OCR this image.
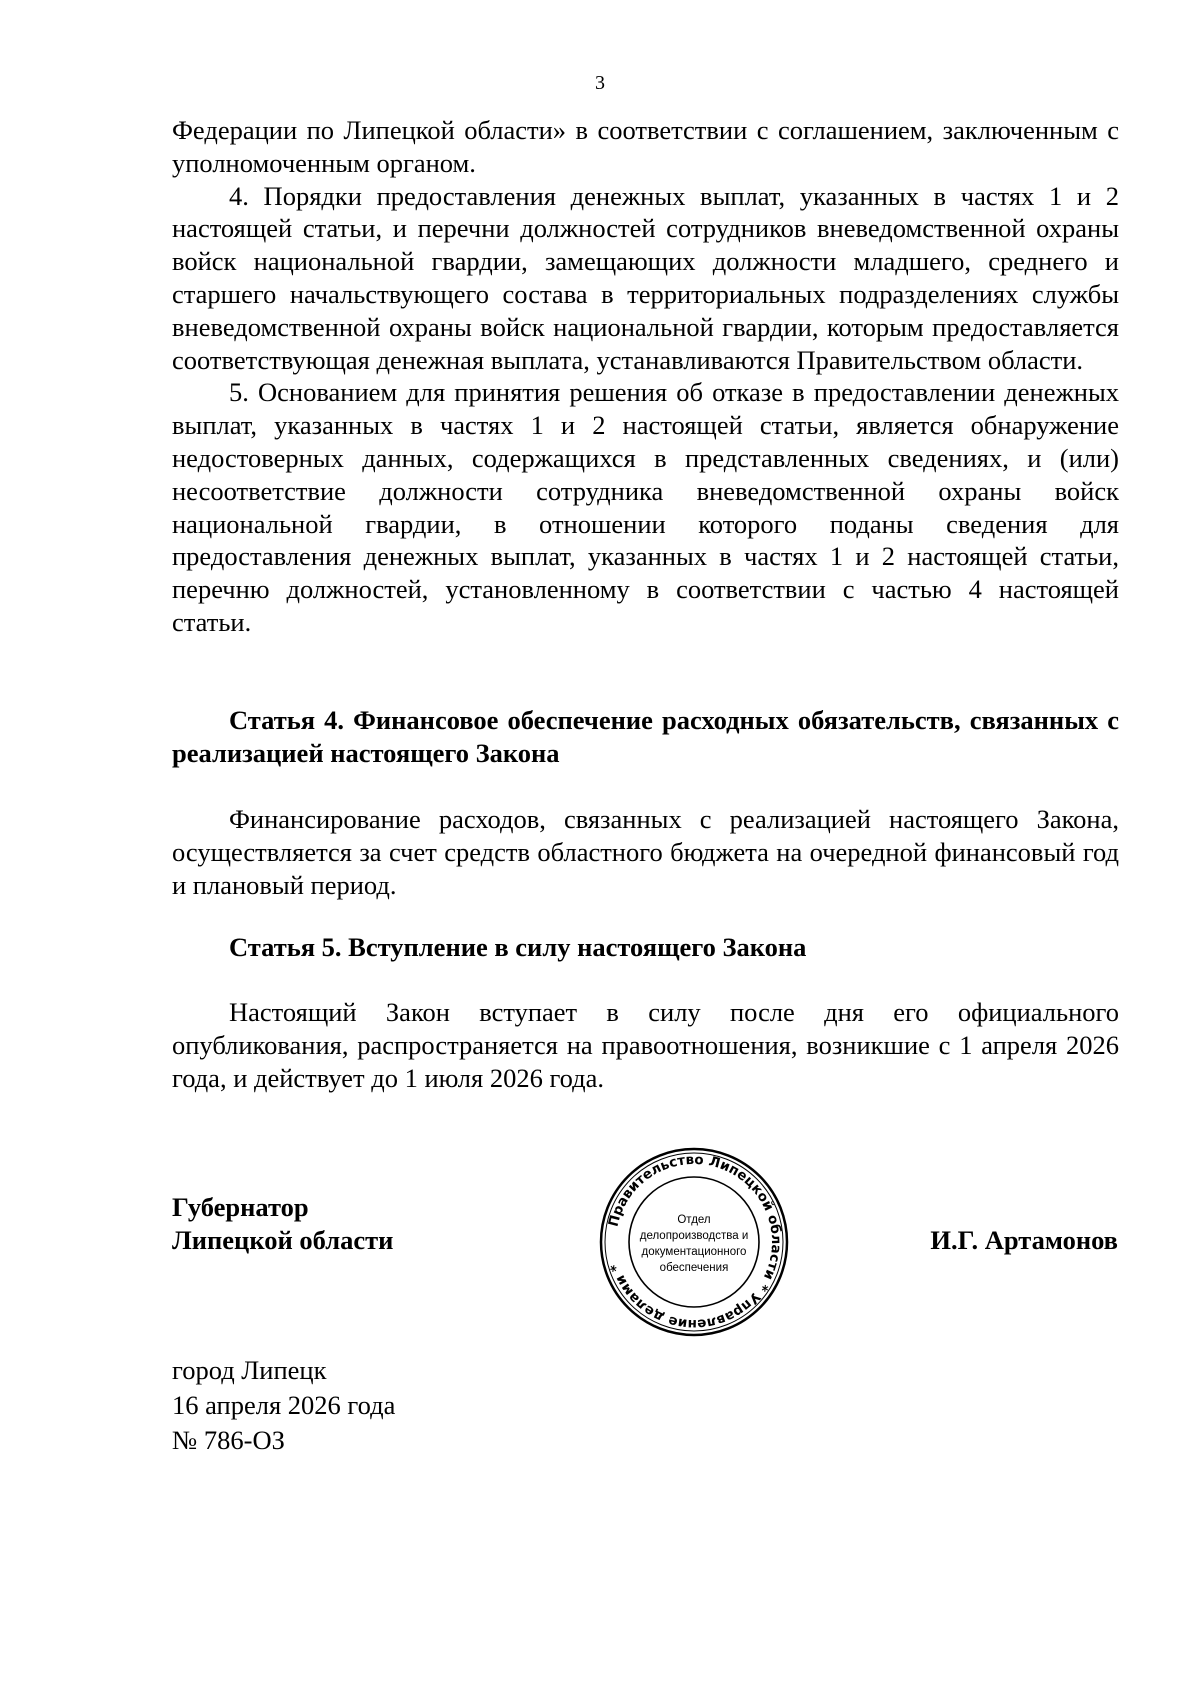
3

Федерации по Липецкой области» в соответствии с соглашением, заключенным с уполномоченным органом.

4. Порядки предоставления денежных выплат, указанных в частях 1 и 2 настоящей статьи, и перечни должностей сотрудников вневедомственной охраны войск национальной гвардии, замещающих должности младшего, среднего и старшего начальствующего состава в территориальных подразделениях службы вневедомственной охраны войск национальной гвардии, которым предоставляется соответствующая денежная выплата, устанавливаются Правительством области.

5. Основанием для принятия решения об отказе в предоставлении денежных выплат, указанных в частях 1 и 2 настоящей статьи, является обнаружение недостоверных данных, содержащихся в представленных сведениях, и (или) несоответствие должности сотрудника вневедомственной охраны войск национальной гвардии, в отношении которого поданы сведения для предоставления денежных выплат, указанных в частях 1 и 2 настоящей статьи, перечню должностей, установленному в соответствии с частью 4 настоящей статьи.

Статья 4. Финансовое обеспечение расходных обязательств, связанных с реализацией настоящего Закона

Финансирование расходов, связанных с реализацией настоящего Закона, осуществляется за счет средств областного бюджета на очередной финансовый год и плановый период.

Статья 5. Вступление в силу настоящего Закона

Настоящий Закон вступает в силу после дня его официального опубликования, распространяется на правоотношения, возникшие с 1 апреля 2026 года, и действует до 1 июля 2026 года.

Губернатор
Липецкой области
Правительство Липецкой области * Управление делами *
Отдел
делопроизводства и
документационного
обеспечения
И.Г. Артамонов
город Липецк
16 апреля 2026 года
№ 786-ОЗ
